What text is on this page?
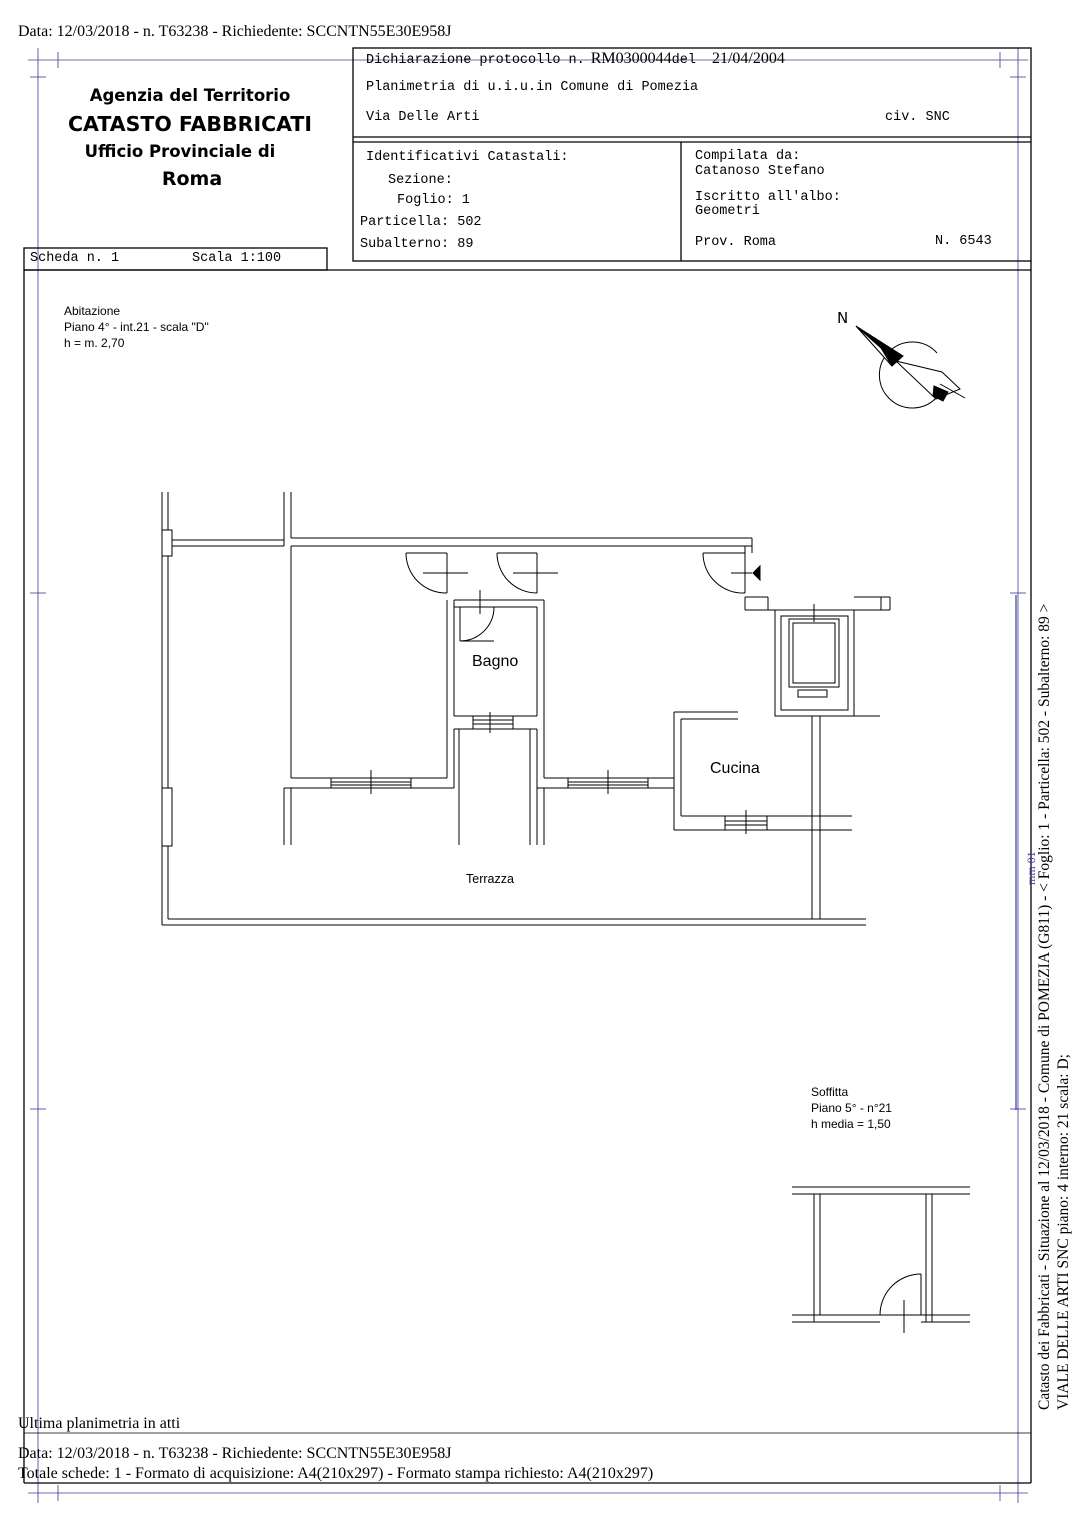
Data: 12/03/2018 - n. T63238 - Richiedente: SCCNTN55E30E958J
Agenzia del Territorio
CATASTO FABBRICATI
Ufficio Provinciale di
Roma
Scheda n. 1	Scala 1:100
Dichiarazione protocollo n. RM0300044del 21/04/2004
Planimetria di u.i.u.in Comune di Pomezia
Via Delle Arti	civ. SNC
Identificativi Catastali:
Sezione:
Foglio: 1
Particella: 502
Subalterno: 89
Compilata da:
Catanoso Stefano
Iscritto all'albo:
Geometri
Prov. Roma	N. 6543
Abitazione
Piano 4° - int.21 - scala "D"
h = m. 2,70
N
Bagno
Cucina
Terrazza
Soffitta
Piano 5° - n°21
h media = 1,50	Catasto dei Fabbricati - Situazione al 12/03/2018 - Comune di POMEZIA (G811) - < Foglio: 1 - Particella: 502 - Subalterno: 89 > VIALE DELLE ARTI SNC piano: 4 interno: 21 scala: D;
mm 01
Ultima planimetria in atti
Data: 12/03/2018 - n. T63238 - Richiedente: SCCNTN55E30E958J
Totale schede: 1 - Formato di acquisizione: A4(210x297) - Formato stampa richiesto: A4(210x297)
